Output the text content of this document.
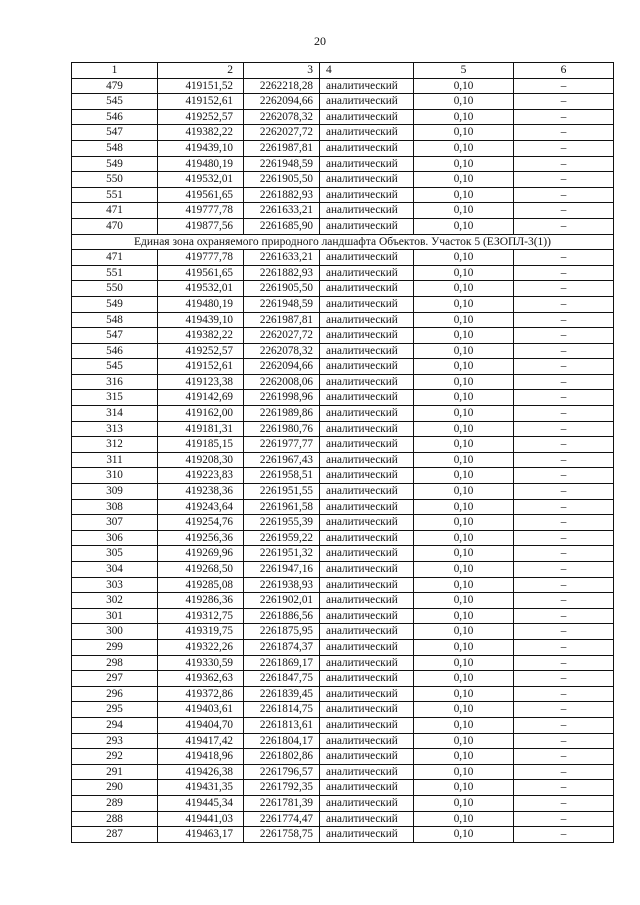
20
1	2	3	4	5	6
479	419151,52	2262218,28	аналитический	0,10	–
545	419152,61	2262094,66	аналитический	0,10	–
546	419252,57	2262078,32	аналитический	0,10	–
547	419382,22	2262027,72	аналитический	0,10	–
548	419439,10	2261987,81	аналитический	0,10	–
549	419480,19	2261948,59	аналитический	0,10	–
550	419532,01	2261905,50	аналитический	0,10	–
551	419561,65	2261882,93	аналитический	0,10	–
471	419777,78	2261633,21	аналитический	0,10	–
470	419877,56	2261685,90	аналитический	0,10	–
Единая зона охраняемого природного ландшафта Объектов. Участок 5 (ЕЗОПЛ-3(1))					
471	419777,78	2261633,21	аналитический	0,10	–
551	419561,65	2261882,93	аналитический	0,10	–
550	419532,01	2261905,50	аналитический	0,10	–
549	419480,19	2261948,59	аналитический	0,10	–
548	419439,10	2261987,81	аналитический	0,10	–
547	419382,22	2262027,72	аналитический	0,10	–
546	419252,57	2262078,32	аналитический	0,10	–
545	419152,61	2262094,66	аналитический	0,10	–
316	419123,38	2262008,06	аналитический	0,10	–
315	419142,69	2261998,96	аналитический	0,10	–
314	419162,00	2261989,86	аналитический	0,10	–
313	419181,31	2261980,76	аналитический	0,10	–
312	419185,15	2261977,77	аналитический	0,10	–
311	419208,30	2261967,43	аналитический	0,10	–
310	419223,83	2261958,51	аналитический	0,10	–
309	419238,36	2261951,55	аналитический	0,10	–
308	419243,64	2261961,58	аналитический	0,10	–
307	419254,76	2261955,39	аналитический	0,10	–
306	419256,36	2261959,22	аналитический	0,10	–
305	419269,96	2261951,32	аналитический	0,10	–
304	419268,50	2261947,16	аналитический	0,10	–
303	419285,08	2261938,93	аналитический	0,10	–
302	419286,36	2261902,01	аналитический	0,10	–
301	419312,75	2261886,56	аналитический	0,10	–
300	419319,75	2261875,95	аналитический	0,10	–
299	419322,26	2261874,37	аналитический	0,10	–
298	419330,59	2261869,17	аналитический	0,10	–
297	419362,63	2261847,75	аналитический	0,10	–
296	419372,86	2261839,45	аналитический	0,10	–
295	419403,61	2261814,75	аналитический	0,10	–
294	419404,70	2261813,61	аналитический	0,10	–
293	419417,42	2261804,17	аналитический	0,10	–
292	419418,96	2261802,86	аналитический	0,10	–
291	419426,38	2261796,57	аналитический	0,10	–
290	419431,35	2261792,35	аналитический	0,10	–
289	419445,34	2261781,39	аналитический	0,10	–
288	419441,03	2261774,47	аналитический	0,10	–
287	419463,17	2261758,75	аналитический	0,10	–
